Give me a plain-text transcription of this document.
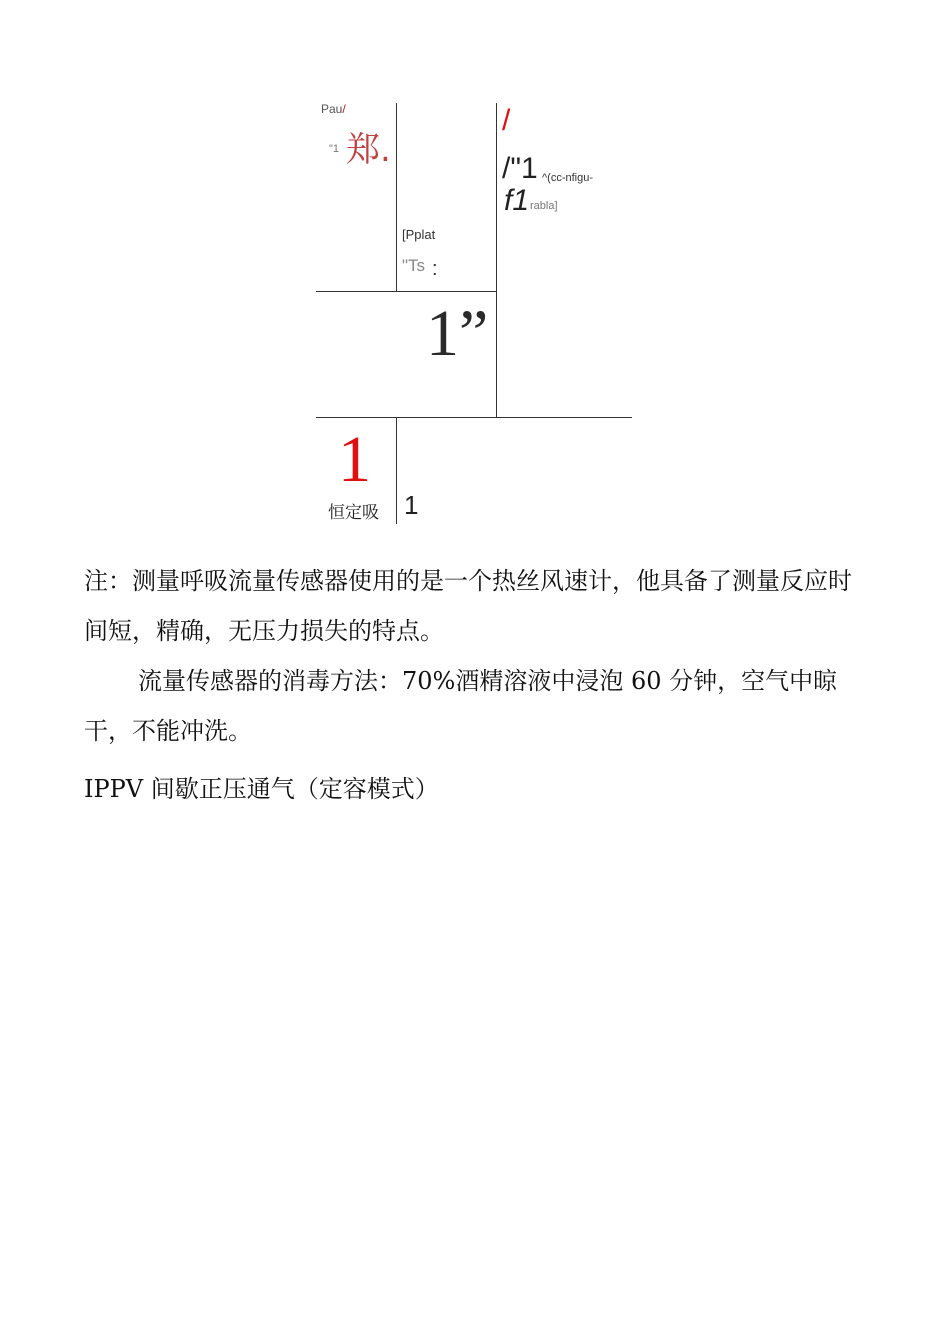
Pau/
"1 郑.
/
/"1 ^(cc-nfigu-
f1 rabla]
[Pplat
"Ts :
1”
1
恒定吸 1

注：测量呼吸流量传感器使用的是一个热丝风速计，他具备了测量反应时间短，精确，无压力损失的特点。

流量传感器的消毒方法：70%酒精溶液中浸泡 60 分钟，空气中晾干，不能冲洗。

IPPV 间歇正压通气（定容模式）
